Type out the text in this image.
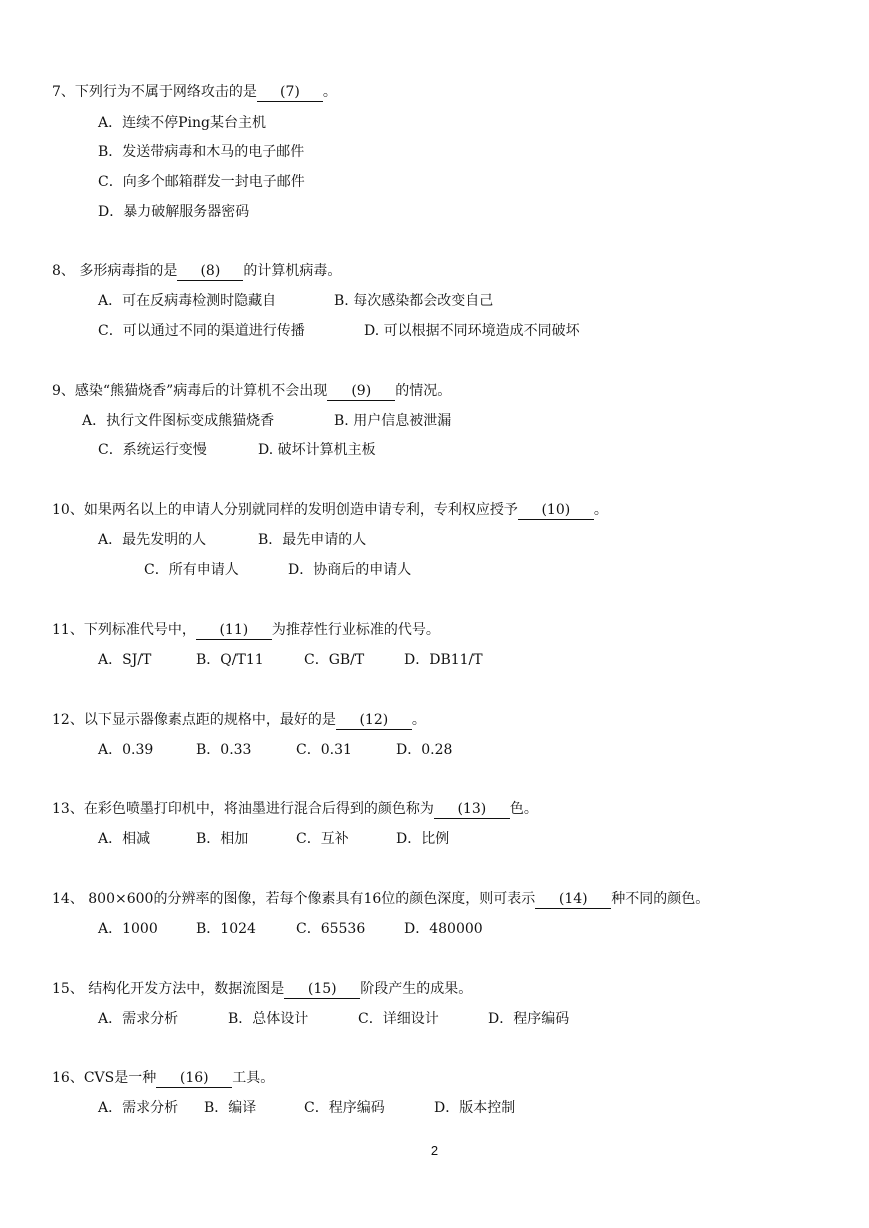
7、下列行为不属于网络攻击的是 (7) 。
A．连续不停Ping某台主机
B．发送带病毒和木马的电子邮件
C．向多个邮箱群发一封电子邮件
D．暴力破解服务器密码
8、 多形病毒指的是 (8) 的计算机病毒。
A．可在反病毒检测时隐藏自	B. 每次感染都会改变自己
C．可以通过不同的渠道进行传播	D. 可以根据不同环境造成不同破坏
9、感染“熊猫烧香”病毒后的计算机不会出现 (9) 的情况。
A．执行文件图标变成熊猫烧香	B. 用户信息被泄漏
C．系统运行变慢	D. 破坏计算机主板
10、如果两名以上的申请人分别就同样的发明创造申请专利，专利权应授予 (10) 。
A．最先发明的人	B．最先申请的人
C．所有申请人	D．协商后的申请人
11、下列标准代号中， (11) 为推荐性行业标准的代号。
A．SJ/T	B．Q/T11	C．GB/T	D．DB11/T
12、以下显示器像素点距的规格中，最好的是 (12) 。
A．0.39	B．0.33	C．0.31	D．0.28
13、在彩色喷墨打印机中，将油墨进行混合后得到的颜色称为 (13) 色。
A．相减	B．相加	C．互补	D．比例
14、 800×600的分辨率的图像，若每个像素具有16位的颜色深度，则可表示 (14) 种不同的颜色。
A．1000	B．1024	C．65536	D．480000
15、 结构化开发方法中，数据流图是 (15) 阶段产生的成果。
A．需求分析	B．总体设计	C．详细设计	D．程序编码
16、CVS是一种 (16) 工具。
A．需求分析 B．编译	C．程序编码	D．版本控制
2
